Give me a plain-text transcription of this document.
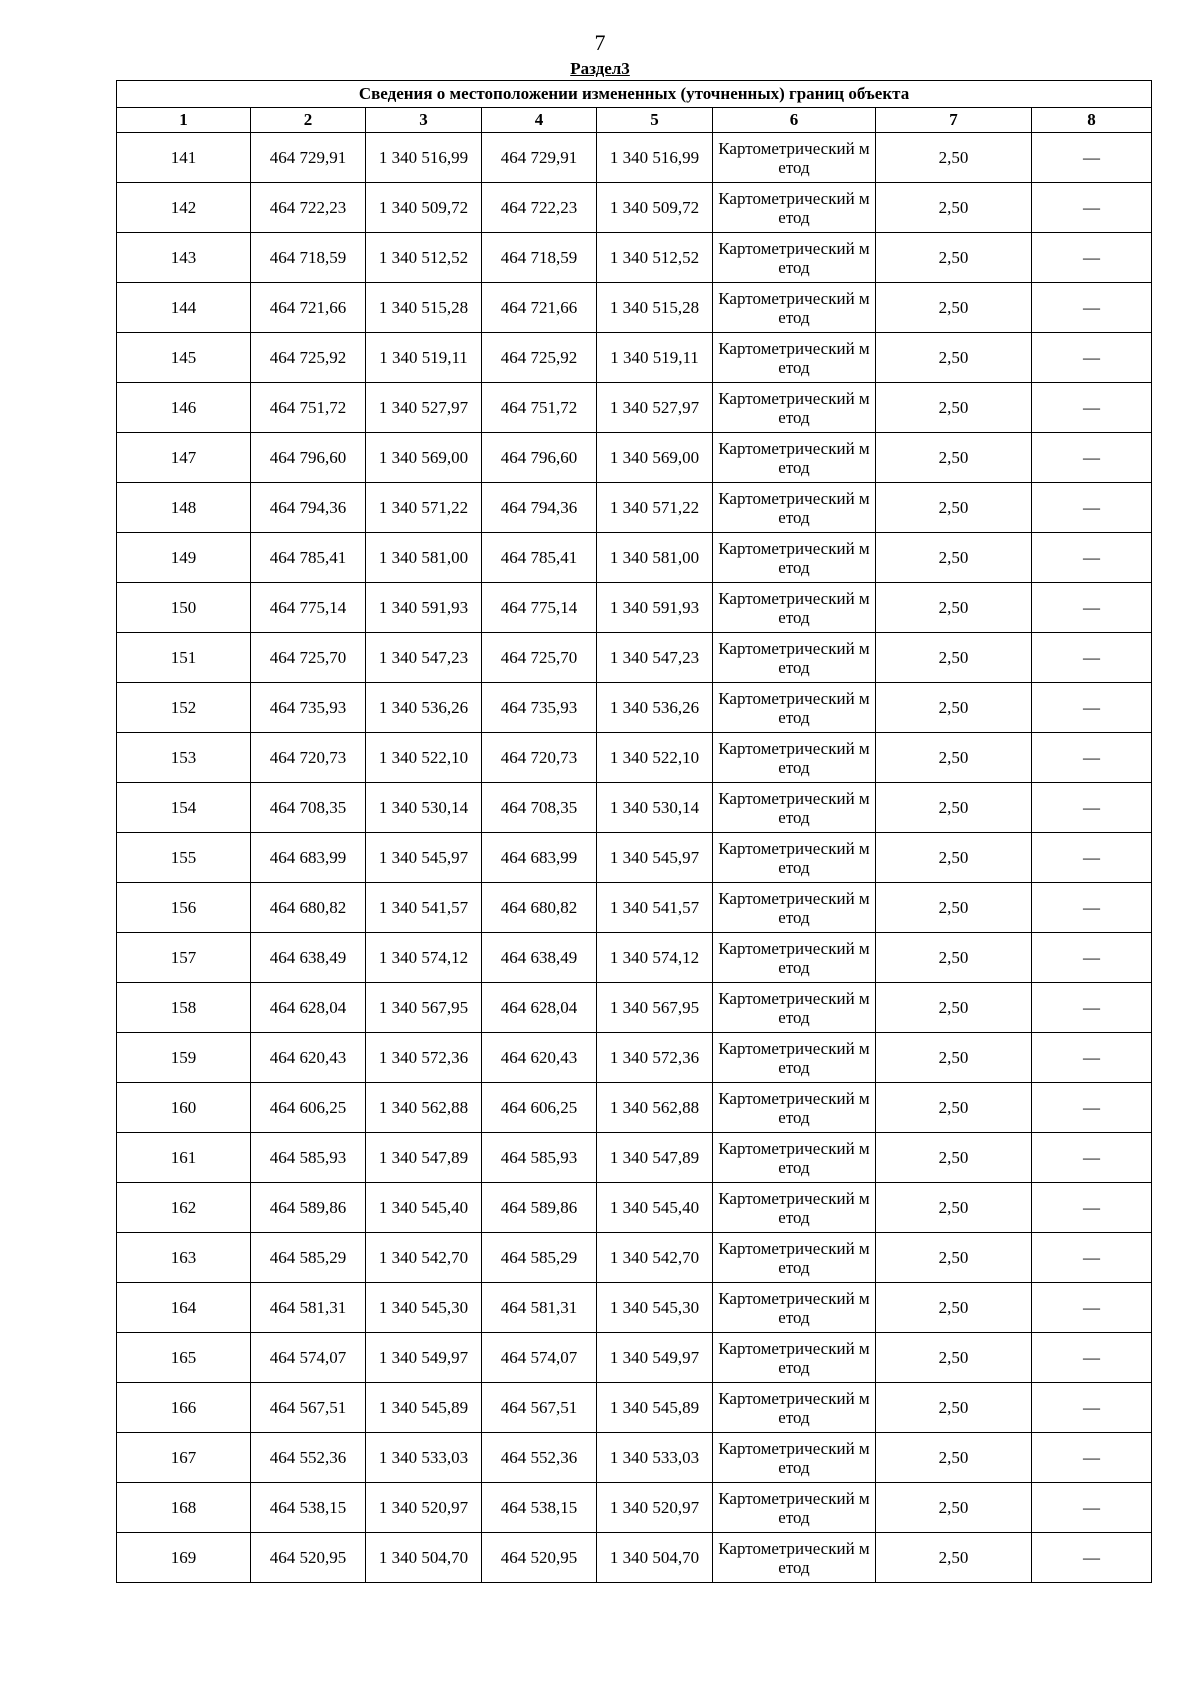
7
Раздел3
Сведения о местоположении измененных (уточненных) границ объекта							
1	2	3	4	5	6	7	8
141	464 729,91	1 340 516,99	464 729,91	1 340 516,99	Картометрический метод	2,50	—
142	464 722,23	1 340 509,72	464 722,23	1 340 509,72	Картометрический метод	2,50	—
143	464 718,59	1 340 512,52	464 718,59	1 340 512,52	Картометрический метод	2,50	—
144	464 721,66	1 340 515,28	464 721,66	1 340 515,28	Картометрический метод	2,50	—
145	464 725,92	1 340 519,11	464 725,92	1 340 519,11	Картометрический метод	2,50	—
146	464 751,72	1 340 527,97	464 751,72	1 340 527,97	Картометрический метод	2,50	—
147	464 796,60	1 340 569,00	464 796,60	1 340 569,00	Картометрический метод	2,50	—
148	464 794,36	1 340 571,22	464 794,36	1 340 571,22	Картометрический метод	2,50	—
149	464 785,41	1 340 581,00	464 785,41	1 340 581,00	Картометрический метод	2,50	—
150	464 775,14	1 340 591,93	464 775,14	1 340 591,93	Картометрический метод	2,50	—
151	464 725,70	1 340 547,23	464 725,70	1 340 547,23	Картометрический метод	2,50	—
152	464 735,93	1 340 536,26	464 735,93	1 340 536,26	Картометрический метод	2,50	—
153	464 720,73	1 340 522,10	464 720,73	1 340 522,10	Картометрический метод	2,50	—
154	464 708,35	1 340 530,14	464 708,35	1 340 530,14	Картометрический метод	2,50	—
155	464 683,99	1 340 545,97	464 683,99	1 340 545,97	Картометрический метод	2,50	—
156	464 680,82	1 340 541,57	464 680,82	1 340 541,57	Картометрический метод	2,50	—
157	464 638,49	1 340 574,12	464 638,49	1 340 574,12	Картометрический метод	2,50	—
158	464 628,04	1 340 567,95	464 628,04	1 340 567,95	Картометрический метод	2,50	—
159	464 620,43	1 340 572,36	464 620,43	1 340 572,36	Картометрический метод	2,50	—
160	464 606,25	1 340 562,88	464 606,25	1 340 562,88	Картометрический метод	2,50	—
161	464 585,93	1 340 547,89	464 585,93	1 340 547,89	Картометрический метод	2,50	—
162	464 589,86	1 340 545,40	464 589,86	1 340 545,40	Картометрический метод	2,50	—
163	464 585,29	1 340 542,70	464 585,29	1 340 542,70	Картометрический метод	2,50	—
164	464 581,31	1 340 545,30	464 581,31	1 340 545,30	Картометрический метод	2,50	—
165	464 574,07	1 340 549,97	464 574,07	1 340 549,97	Картометрический метод	2,50	—
166	464 567,51	1 340 545,89	464 567,51	1 340 545,89	Картометрический метод	2,50	—
167	464 552,36	1 340 533,03	464 552,36	1 340 533,03	Картометрический метод	2,50	—
168	464 538,15	1 340 520,97	464 538,15	1 340 520,97	Картометрический метод	2,50	—
169	464 520,95	1 340 504,70	464 520,95	1 340 504,70	Картометрический метод	2,50	—
